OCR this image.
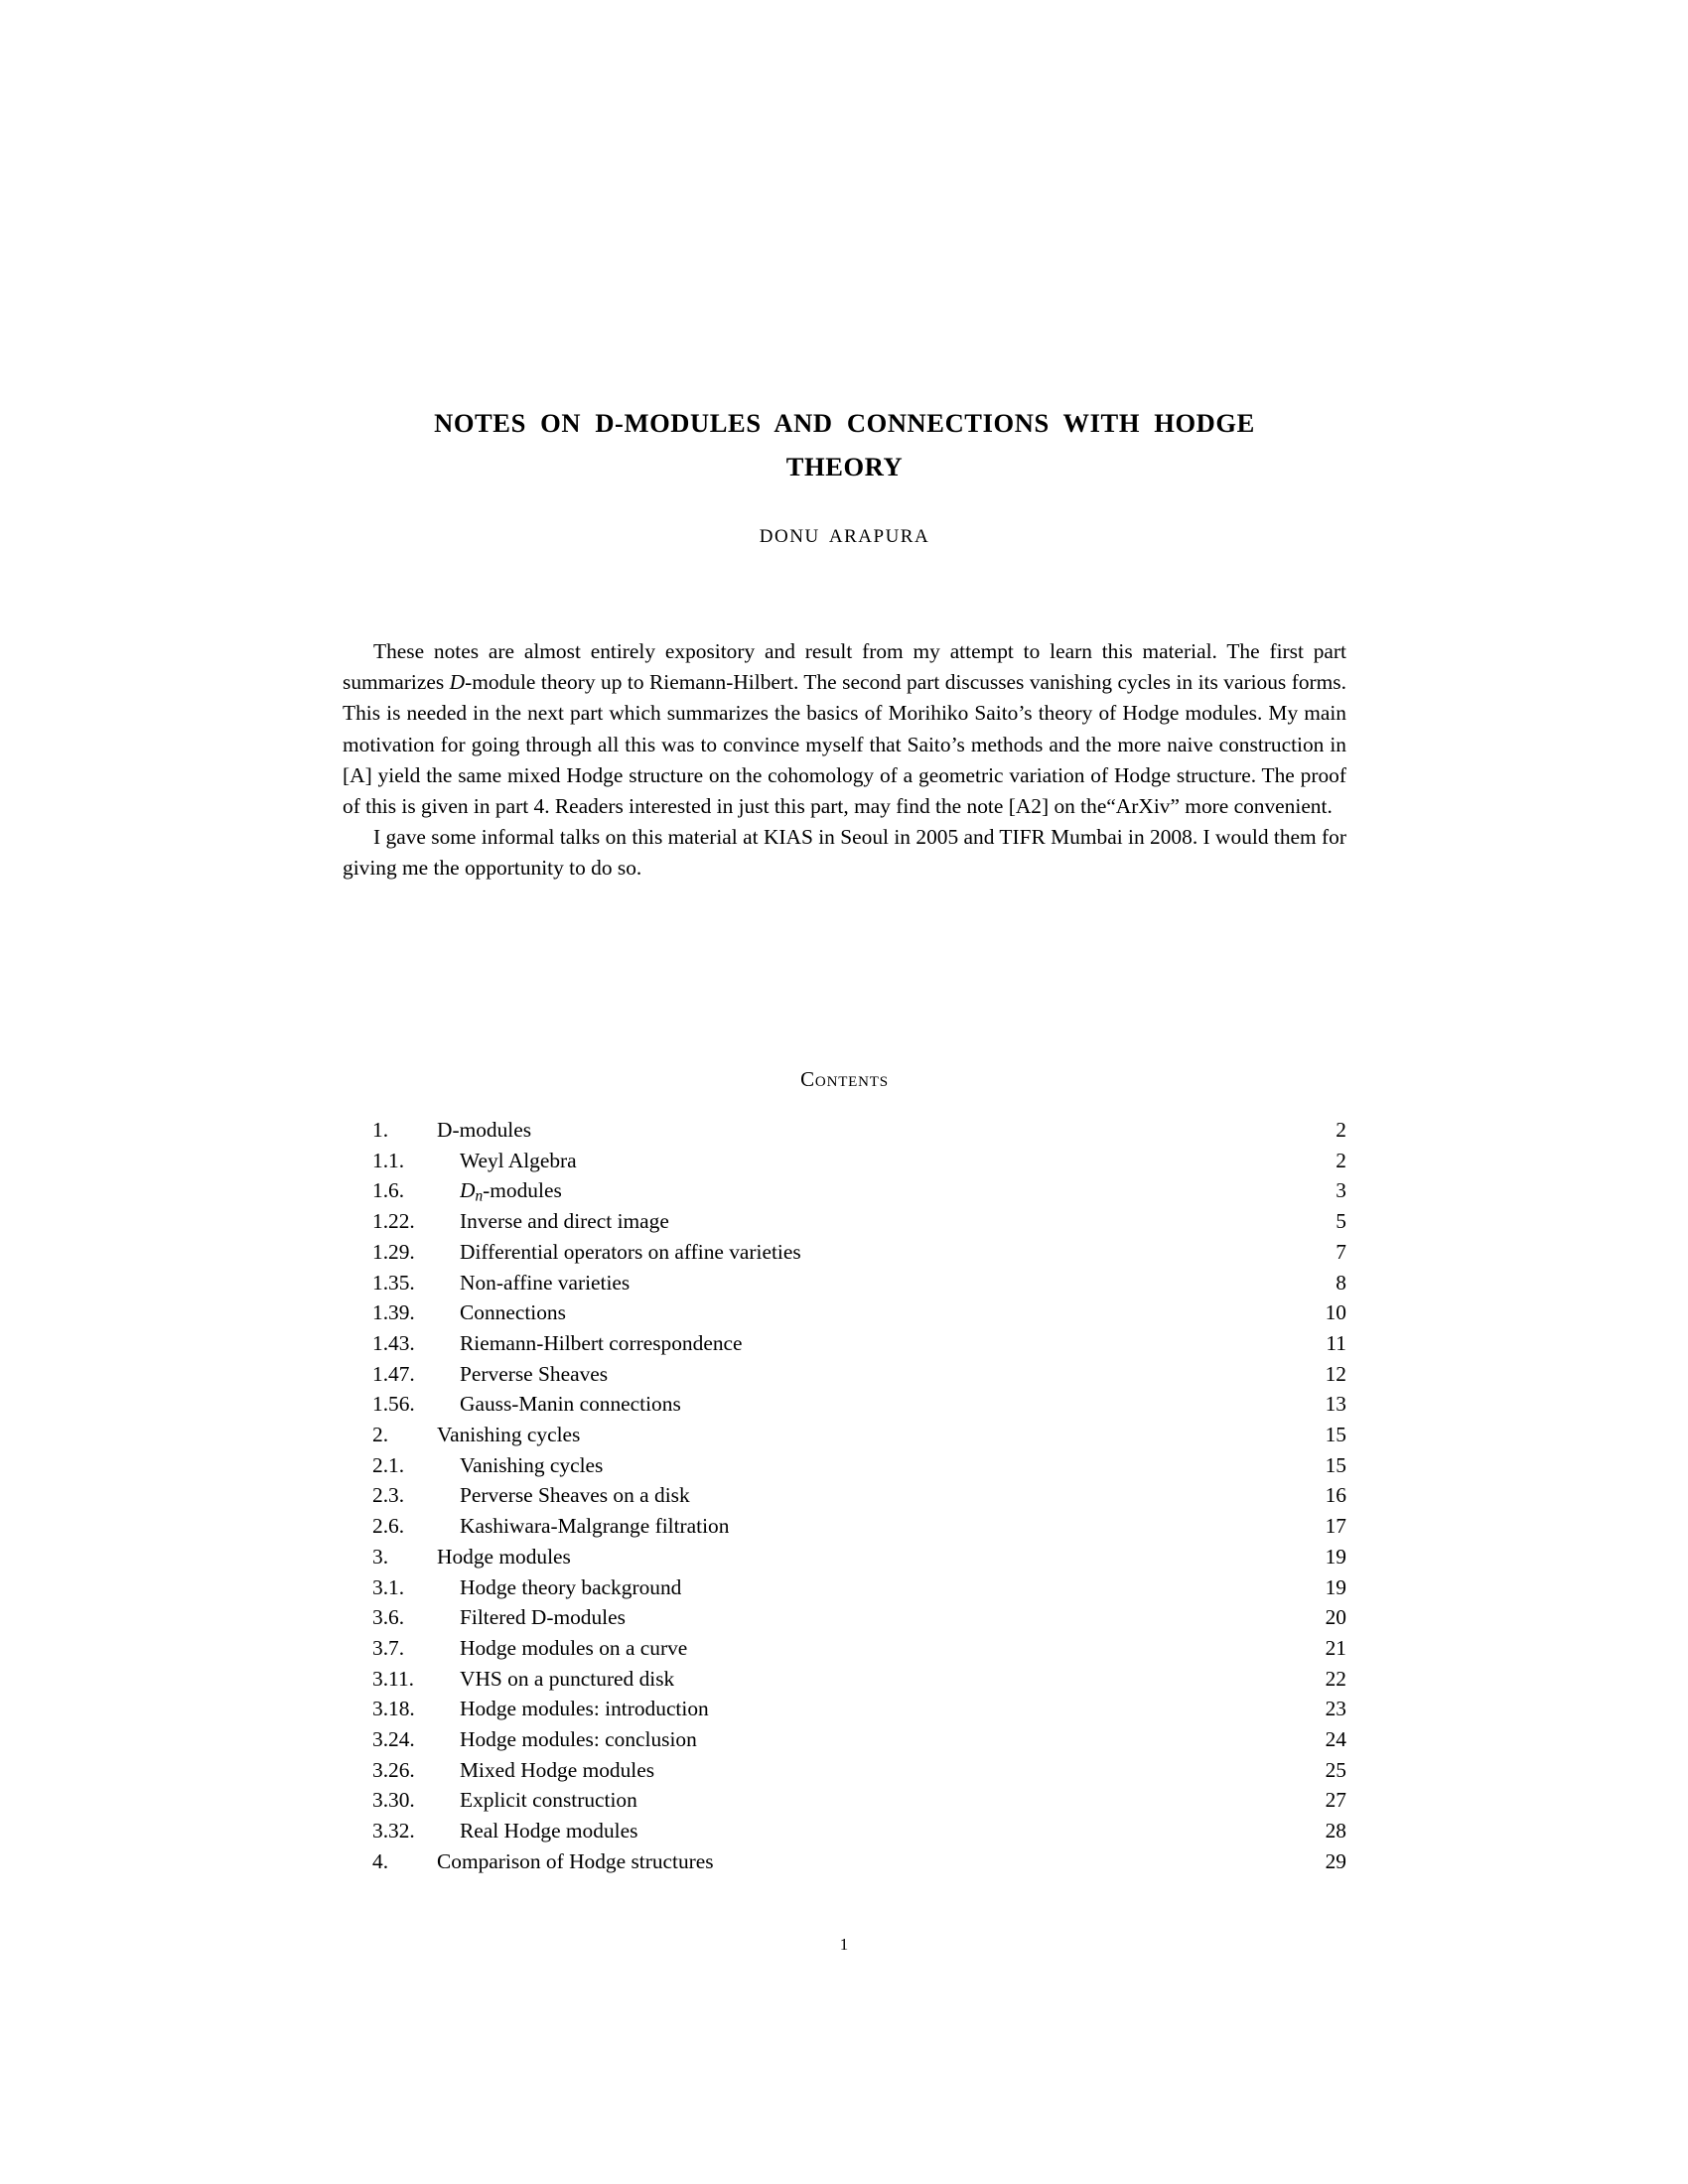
NOTES ON D-MODULES AND CONNECTIONS WITH HODGE THEORY
DONU ARAPURA

These notes are almost entirely expository and result from my attempt to learn this material. The first part summarizes D-module theory up to Riemann-Hilbert. The second part discusses vanishing cycles in its various forms. This is needed in the next part which summarizes the basics of Morihiko Saito’s theory of Hodge modules. My main motivation for going through all this was to convince myself that Saito’s methods and the more naive construction in [A] yield the same mixed Hodge structure on the cohomology of a geometric variation of Hodge structure. The proof of this is given in part 4. Readers interested in just this part, may find the note [A2] on the“ArXiv” more convenient.

I gave some informal talks on this material at KIAS in Seoul in 2005 and TIFR Mumbai in 2008. I would them for giving me the opportunity to do so.

Contents
1.	D-modules	2
1.1.	Weyl Algebra	2
1.6.	$D_n$-modules	3
1.22.	Inverse and direct image	5
1.29.	Differential operators on affine varieties	7
1.35.	Non-affine varieties	8
1.39.	Connections	10
1.43.	Riemann-Hilbert correspondence	11
1.47.	Perverse Sheaves	12
1.56.	Gauss-Manin connections	13
2.	Vanishing cycles	15
2.1.	Vanishing cycles	15
2.3.	Perverse Sheaves on a disk	16
2.6.	Kashiwara-Malgrange filtration	17
3.	Hodge modules	19
3.1.	Hodge theory background	19
3.6.	Filtered D-modules	20
3.7.	Hodge modules on a curve	21
3.11.	VHS on a punctured disk	22
3.18.	Hodge modules: introduction	23
3.24.	Hodge modules: conclusion	24
3.26.	Mixed Hodge modules	25
3.30.	Explicit construction	27
3.32.	Real Hodge modules	28
4.	Comparison of Hodge structures	29
1
